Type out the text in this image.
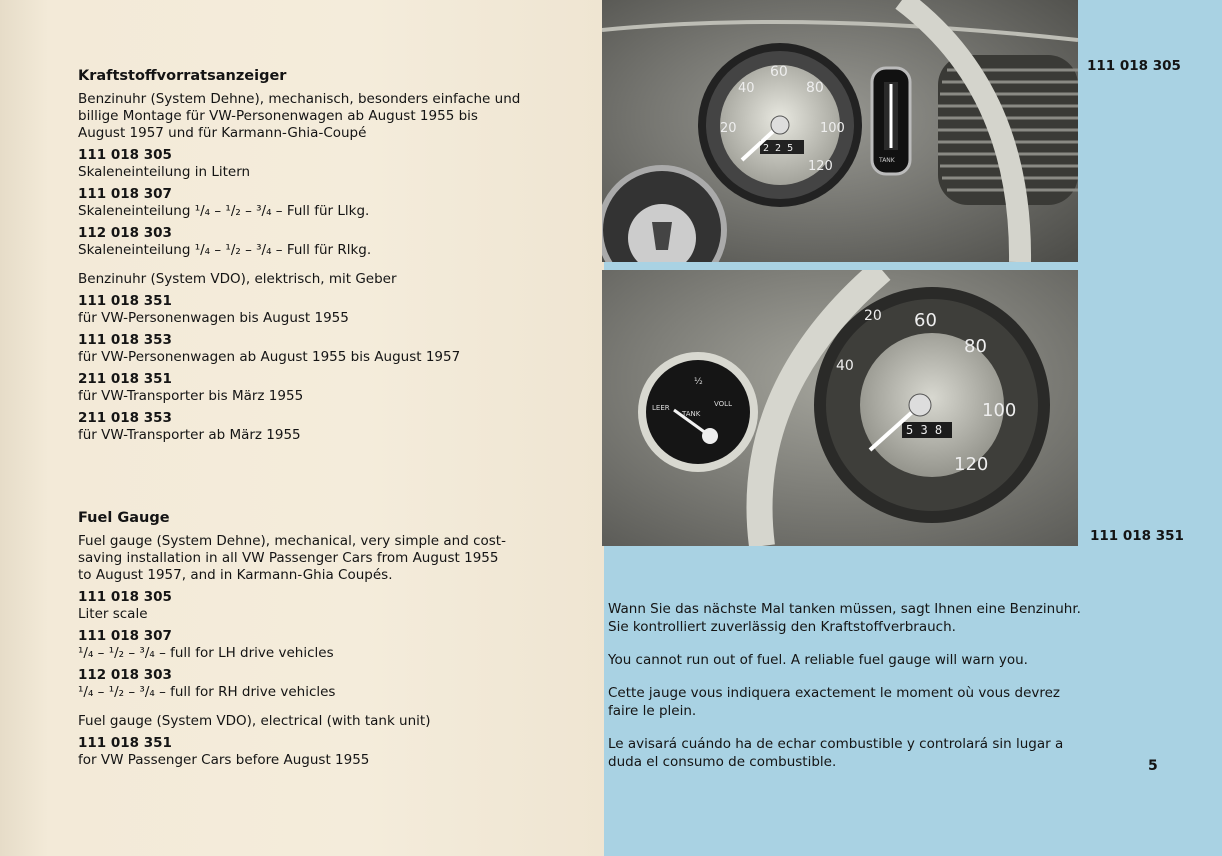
Kraftstoffvorratsanzeiger
Benzinuhr (System Dehne), mechanisch, besonders einfache und
billige Montage für VW-Personenwagen ab August 1955 bis
August 1957 und für Karmann-Ghia-Coupé
111 018 305
Skaleneinteilung in Litern
111 018 307
Skaleneinteilung ¹/₄ – ¹/₂ – ³/₄ – Full für Llkg.
112 018 303
Skaleneinteilung ¹/₄ – ¹/₂ – ³/₄ – Full für Rlkg.
Benzinuhr (System VDO), elektrisch, mit Geber
111 018 351
für VW-Personenwagen bis August 1955
111 018 353
für VW-Personenwagen ab August 1955 bis August 1957
211 018 351
für VW-Transporter bis März 1955
211 018 353
für VW-Transporter ab März 1955
Fuel Gauge
Fuel gauge (System Dehne), mechanical, very simple and cost-
saving installation in all VW Passenger Cars from August 1955
to August 1957, and in Karmann-Ghia Coupés.
111 018 305
Liter scale
111 018 307
¹/₄ – ¹/₂ – ³/₄ – full for LH drive vehicles
112 018 303
¹/₄ – ¹/₂ – ³/₄ – full for RH drive vehicles
Fuel gauge (System VDO), electrical (with tank unit)
111 018 351
for VW Passenger Cars before August 1955
20
40
60
80
100
120
2 2 5
TANK
111 018 305
½
LEER
TANK
VOLL
20
40
60
80
100
120
5 3 8
111 018 351

Wann Sie das nächste Mal tanken müssen, sagt Ihnen eine Benzinuhr. Sie kontrolliert zuverlässig den Kraftstoffverbrauch.

You cannot run out of fuel. A reliable fuel gauge will warn you.

Cette jauge vous indiquera exactement le moment où vous devrez faire le plein.

Le avisará cuándo ha de echar combustible y controlará sin lugar a duda el consumo de combustible.	5
